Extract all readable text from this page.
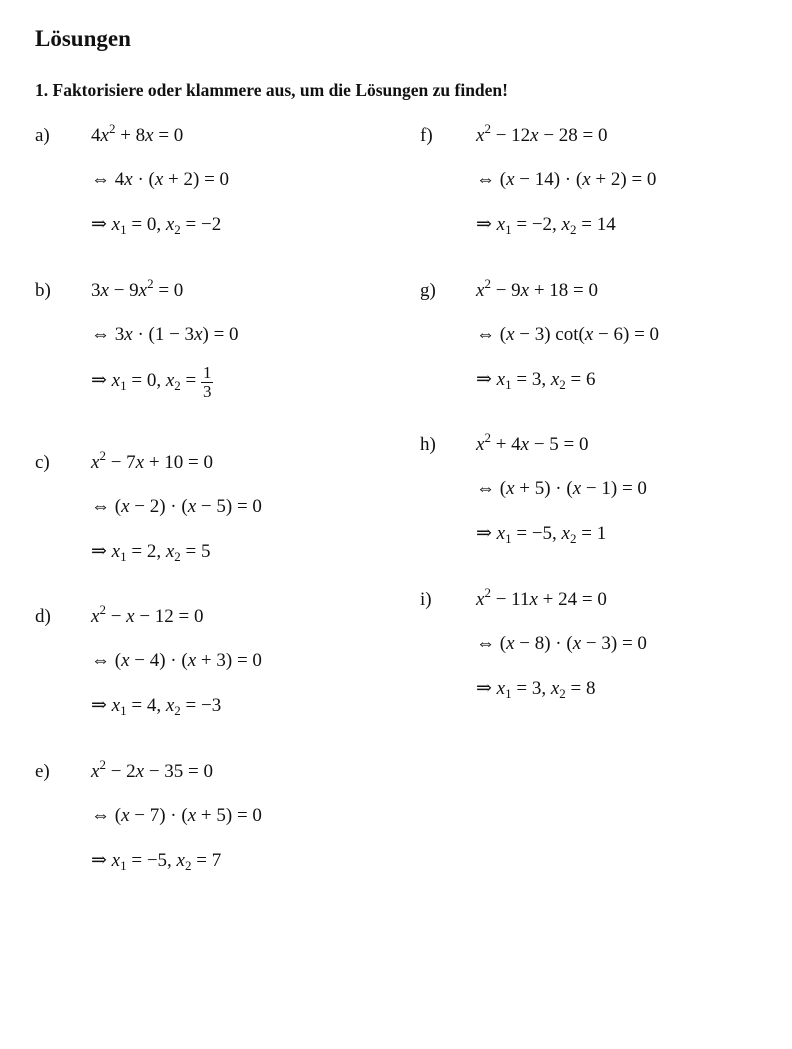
Lösungen

1. Faktorisiere oder klammere aus, um die Lösungen zu finden!

a) $4x^2 + 8x = 0$
⇔ 4x · (x + 2) = 0
⇒ $x_1 = 0$, $x_2 = -2$
b) $3x - 9x^2 = 0$
⇔ 3x · (1 − 3x) = 0
⇒ $x_1 = 0$, $x_2 = \frac{1}{3}$
c) $x^2 - 7x + 10 = 0$
⇔ (x − 2) · (x − 5) = 0
⇒ $x_1 = 2$, $x_2 = 5$
d) $x^2 - x - 12 = 0$
⇔ (x − 4) · (x + 3) = 0
⇒ $x_1 = 4$, $x_2 = -3$
e) $x^2 - 2x - 35 = 0$
⇔ (x − 7) · (x + 5) = 0
⇒ $x_1 = -5$, $x_2 = 7$
f) $x^2 - 12x - 28 = 0$
⇔ (x − 14) · (x + 2) = 0
⇒ $x_1 = -2$, $x_2 = 14$
g) $x^2 - 9x + 18 = 0$
⇔ (x − 3) cot(x − 6) = 0
⇒ $x_1 = 3$, $x_2 = 6$
h) $x^2 + 4x - 5 = 0$
⇔ (x + 5) · (x − 1) = 0
⇒ $x_1 = -5$, $x_2 = 1$
i) $x^2 - 11x + 24 = 0$
⇔ (x − 8) · (x − 3) = 0
⇒ $x_1 = 3$, $x_2 = 8$
